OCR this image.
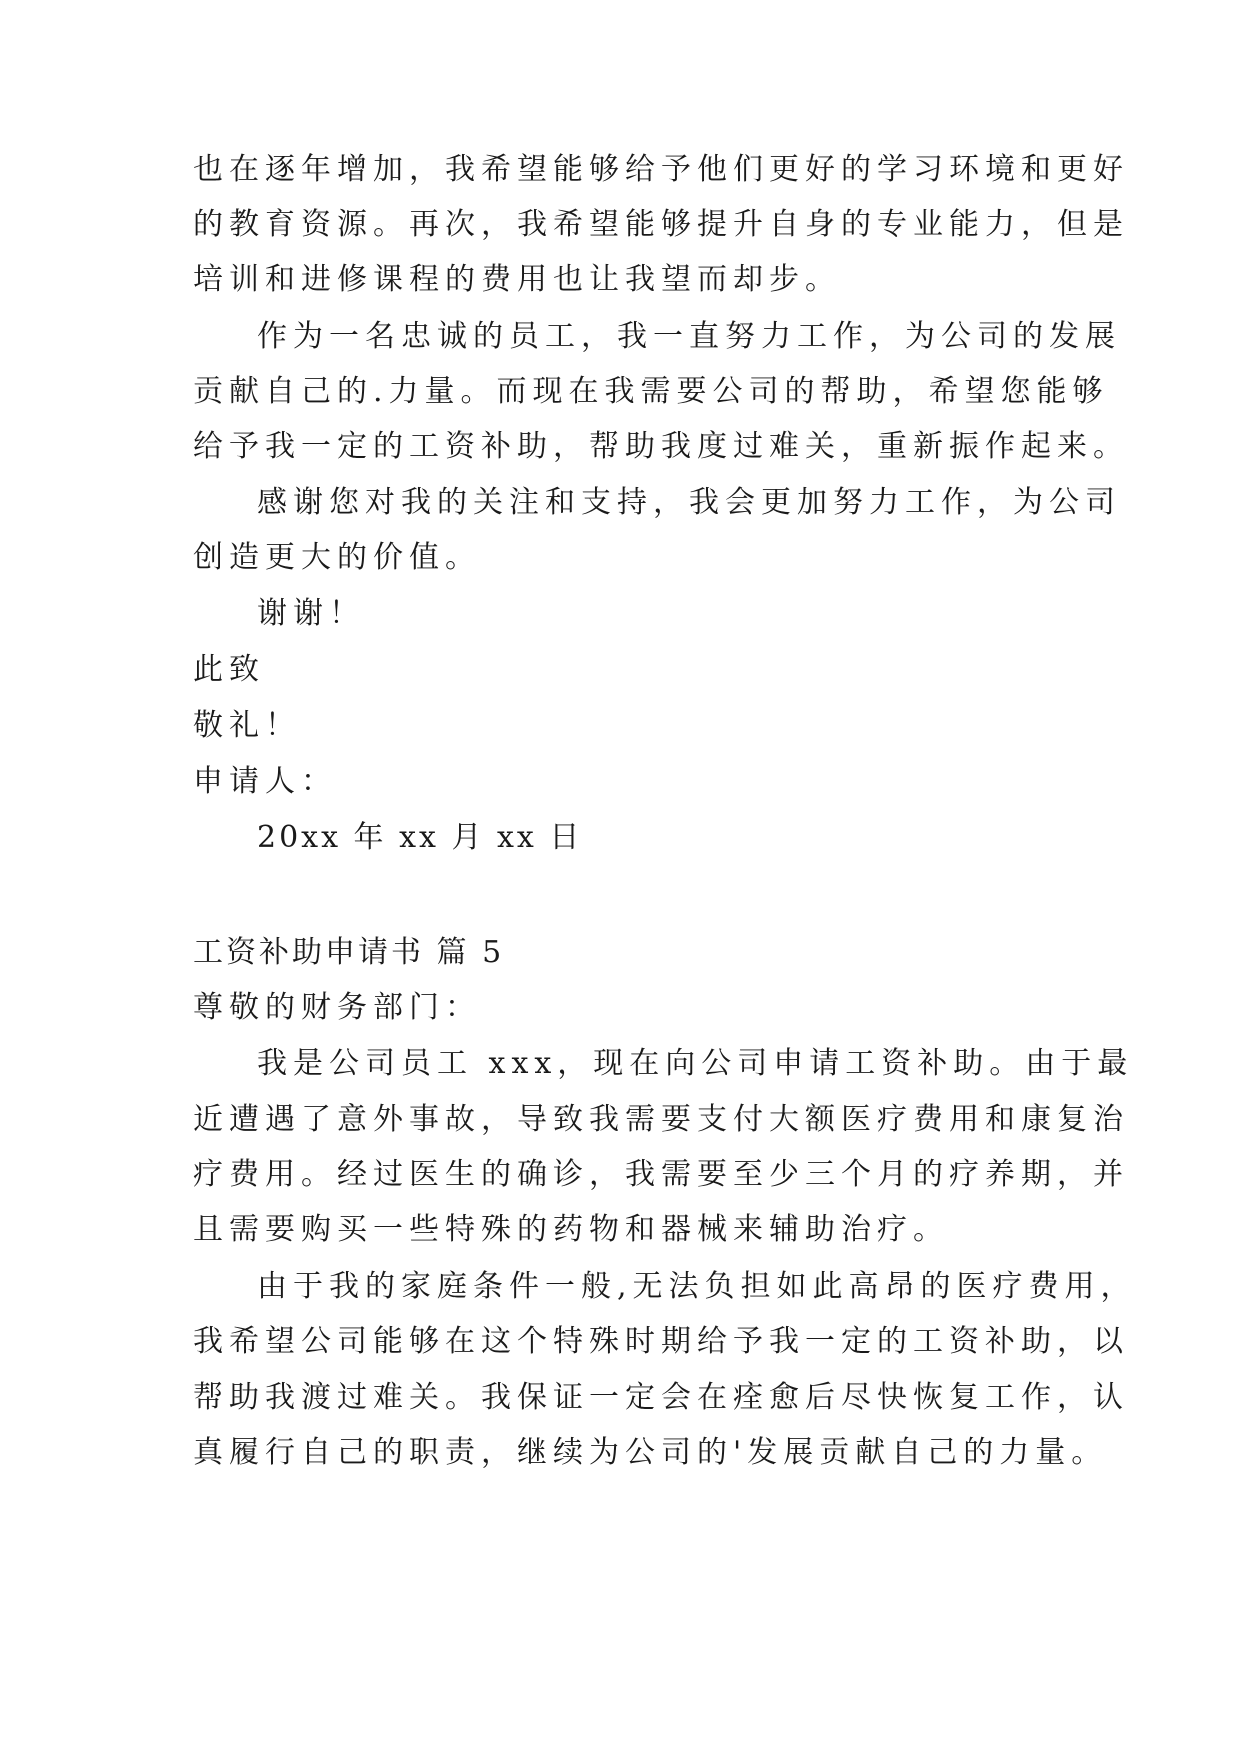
也在逐年增加，我希望能够给予他们更好的学习环境和更好
的教育资源。再次，我希望能够提升自身的专业能力，但是
培训和进修课程的费用也让我望而却步。
作为一名忠诚的员工，我一直努力工作，为公司的发展
贡献自己的.力量。而现在我需要公司的帮助，希望您能够
给予我一定的工资补助，帮助我度过难关，重新振作起来。
感谢您对我的关注和支持，我会更加努力工作，为公司
创造更大的价值。
谢谢！
此致
敬礼！
申请人：
20xx 年 xx 月 xx 日
工资补助申请书 篇 5
尊敬的财务部门：
我是公司员工 xxx，现在向公司申请工资补助。由于最
近遭遇了意外事故，导致我需要支付大额医疗费用和康复治
疗费用。经过医生的确诊，我需要至少三个月的疗养期，并
且需要购买一些特殊的药物和器械来辅助治疗。
由于我的家庭条件一般,无法负担如此高昂的医疗费用，
我希望公司能够在这个特殊时期给予我一定的工资补助，以
帮助我渡过难关。我保证一定会在痊愈后尽快恢复工作，认
真履行自己的职责，继续为公司的'发展贡献自己的力量。
